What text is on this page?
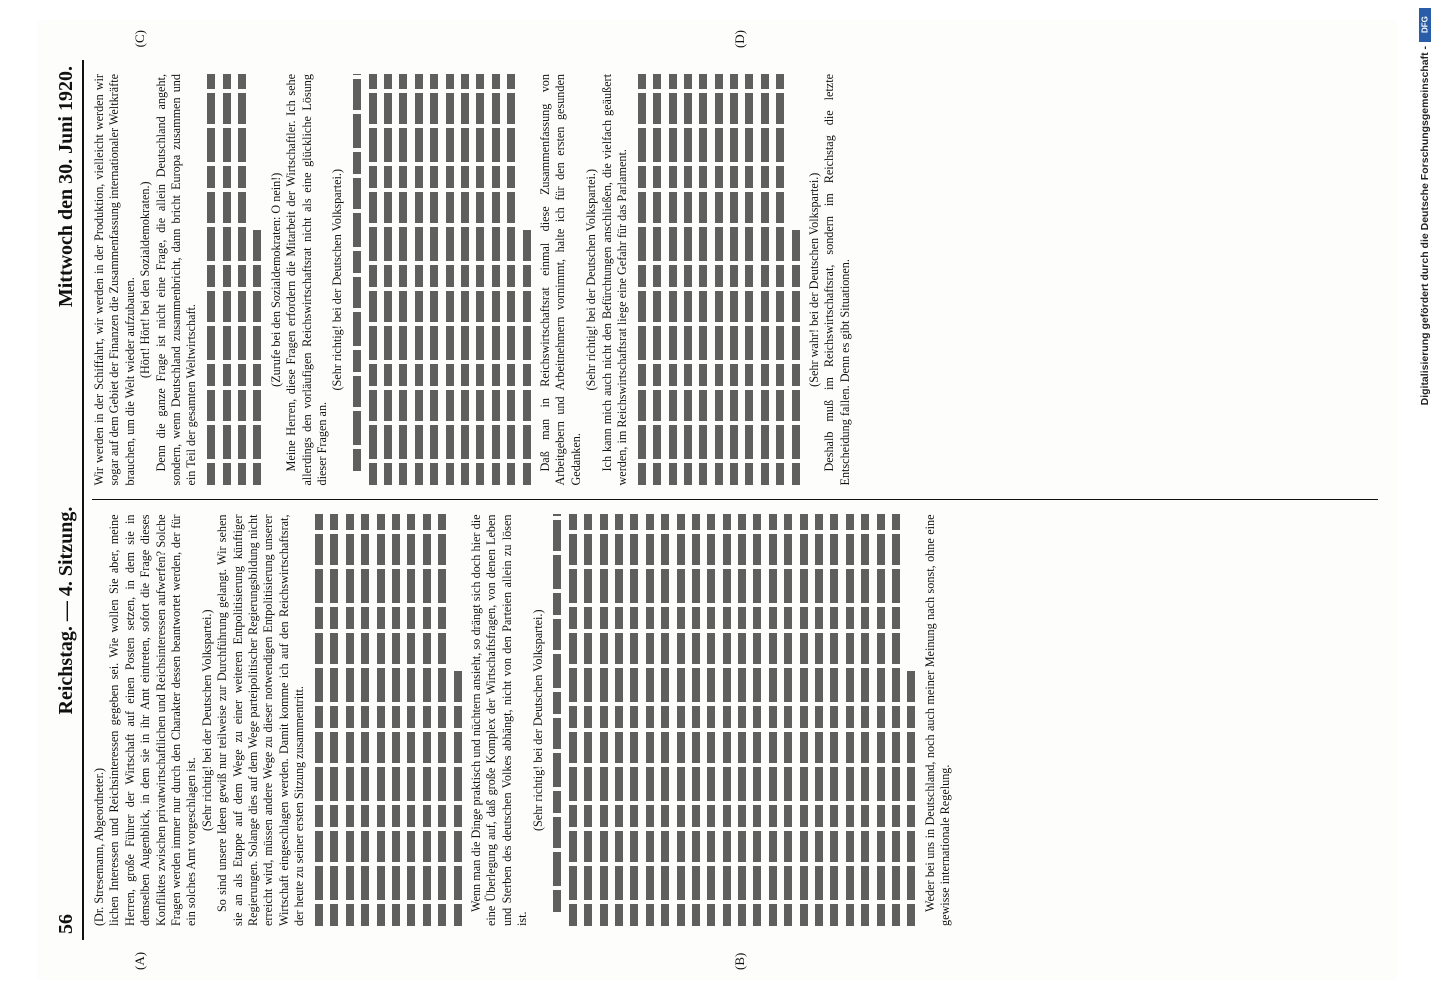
56
Reichstag. — 4. Sitzung.
Mittwoch den 30. Juni 1920.

(Dr. Stresemann, Abgeordneter.) lichen Interessen und Reichsinteressen gegeben sei. Wie wollen Sie aber, meine Herren, große Führer der Wirtschaft auf einen Posten setzen, in dem sie in demselben Augenblick, in dem sie in ihr Amt eintreten, sofort die Frage dieses Konfliktes zwischen privatwirtschaftlichen und Reichsinteressen aufwerfen? Solche Fragen werden immer nur durch den Charakter dessen beantwortet werden, der für ein solches Amt vorgeschlagen ist.

(Sehr richtig! bei der Deutschen Volkspartei.) So sind unsere Ideen gewiß nur teilweise zur Durchführung gelangt. Wir sehen sie an als Etappe auf dem Wege zu einer weiteren Entpolitisierung künftiger Regierungen. Solange dies auf dem Wege parteipolitischer Regierungsbildung nicht erreicht wird, müssen andere Wege zu dieser notwendigen Entpolitisierung unserer Wirtschaft eingeschlagen werden. Damit komme ich auf den Reichswirtschaftsrat, der heute zu seiner ersten Sitzung zusammentritt.	Wenn man die Dinge praktisch und nüchtern ansieht, so drängt sich doch hier die eine Überlegung auf, daß große Komplex der Wirtschaftsfragen, von denen Leben und Sterben des deutschen Volkes abhängt, nicht von den Parteien allein zu lösen ist.

(Sehr richtig! bei der Deutschen Volkspartei.)	Weder bei uns in Deutschland, noch auch meiner Meinung nach sonst, ohne eine gewisse internationale Regelung.

(A)	(B)

Wir werden in der Schiffahrt, wir werden in der Produktion, vielleicht werden wir sogar auf dem Gebiet der Finanzen die Zusammenfassung internationaler Weltkräfte brauchen, um die Welt wieder aufzubauen. (Hört! Hört! bei den Sozialdemokraten.) Denn die ganze Frage ist nicht eine Frage, die allein Deutschland angeht, sondern, wenn Deutschland zusammenbricht, dann bricht Europa zusammen und ein Teil der gesamten Weltwirtschaft.

(Zurufe bei den Sozialdemokraten: O nein!) Meine Herren, diese Fragen erfordern die Mitarbeit der Wirtschaftler. Ich sehe allerdings den vorläufigen Reichswirtschaftsrat nicht als eine glückliche Lösung dieser Fragen an.

(Sehr richtig! bei der Deutschen Volkspartei.)	Daß man in Reichswirtschaftsrat einmal diese Zusammenfassung von Arbeitgebern und Arbeitnehmern vornimmt, halte ich für den ersten gesunden Gedanken.

(Sehr richtig! bei der Deutschen Volkspartei.) Ich kann mich auch nicht den Befürchtungen anschließen, die vielfach geäußert werden, im Reichswirtschaftsrat liege eine Gefahr für das Parlament.	(Sehr wahr! bei der Deutschen Volkspartei.) Deshalb muß im Reichswirtschaftsrat, sondern im Reichstag die letzte Entscheidung fallen. Denn es gibt Situationen.

(C)	(D)
DFG
Digitalisierung gefördert durch die Deutsche Forschungsgemeinschaft -
